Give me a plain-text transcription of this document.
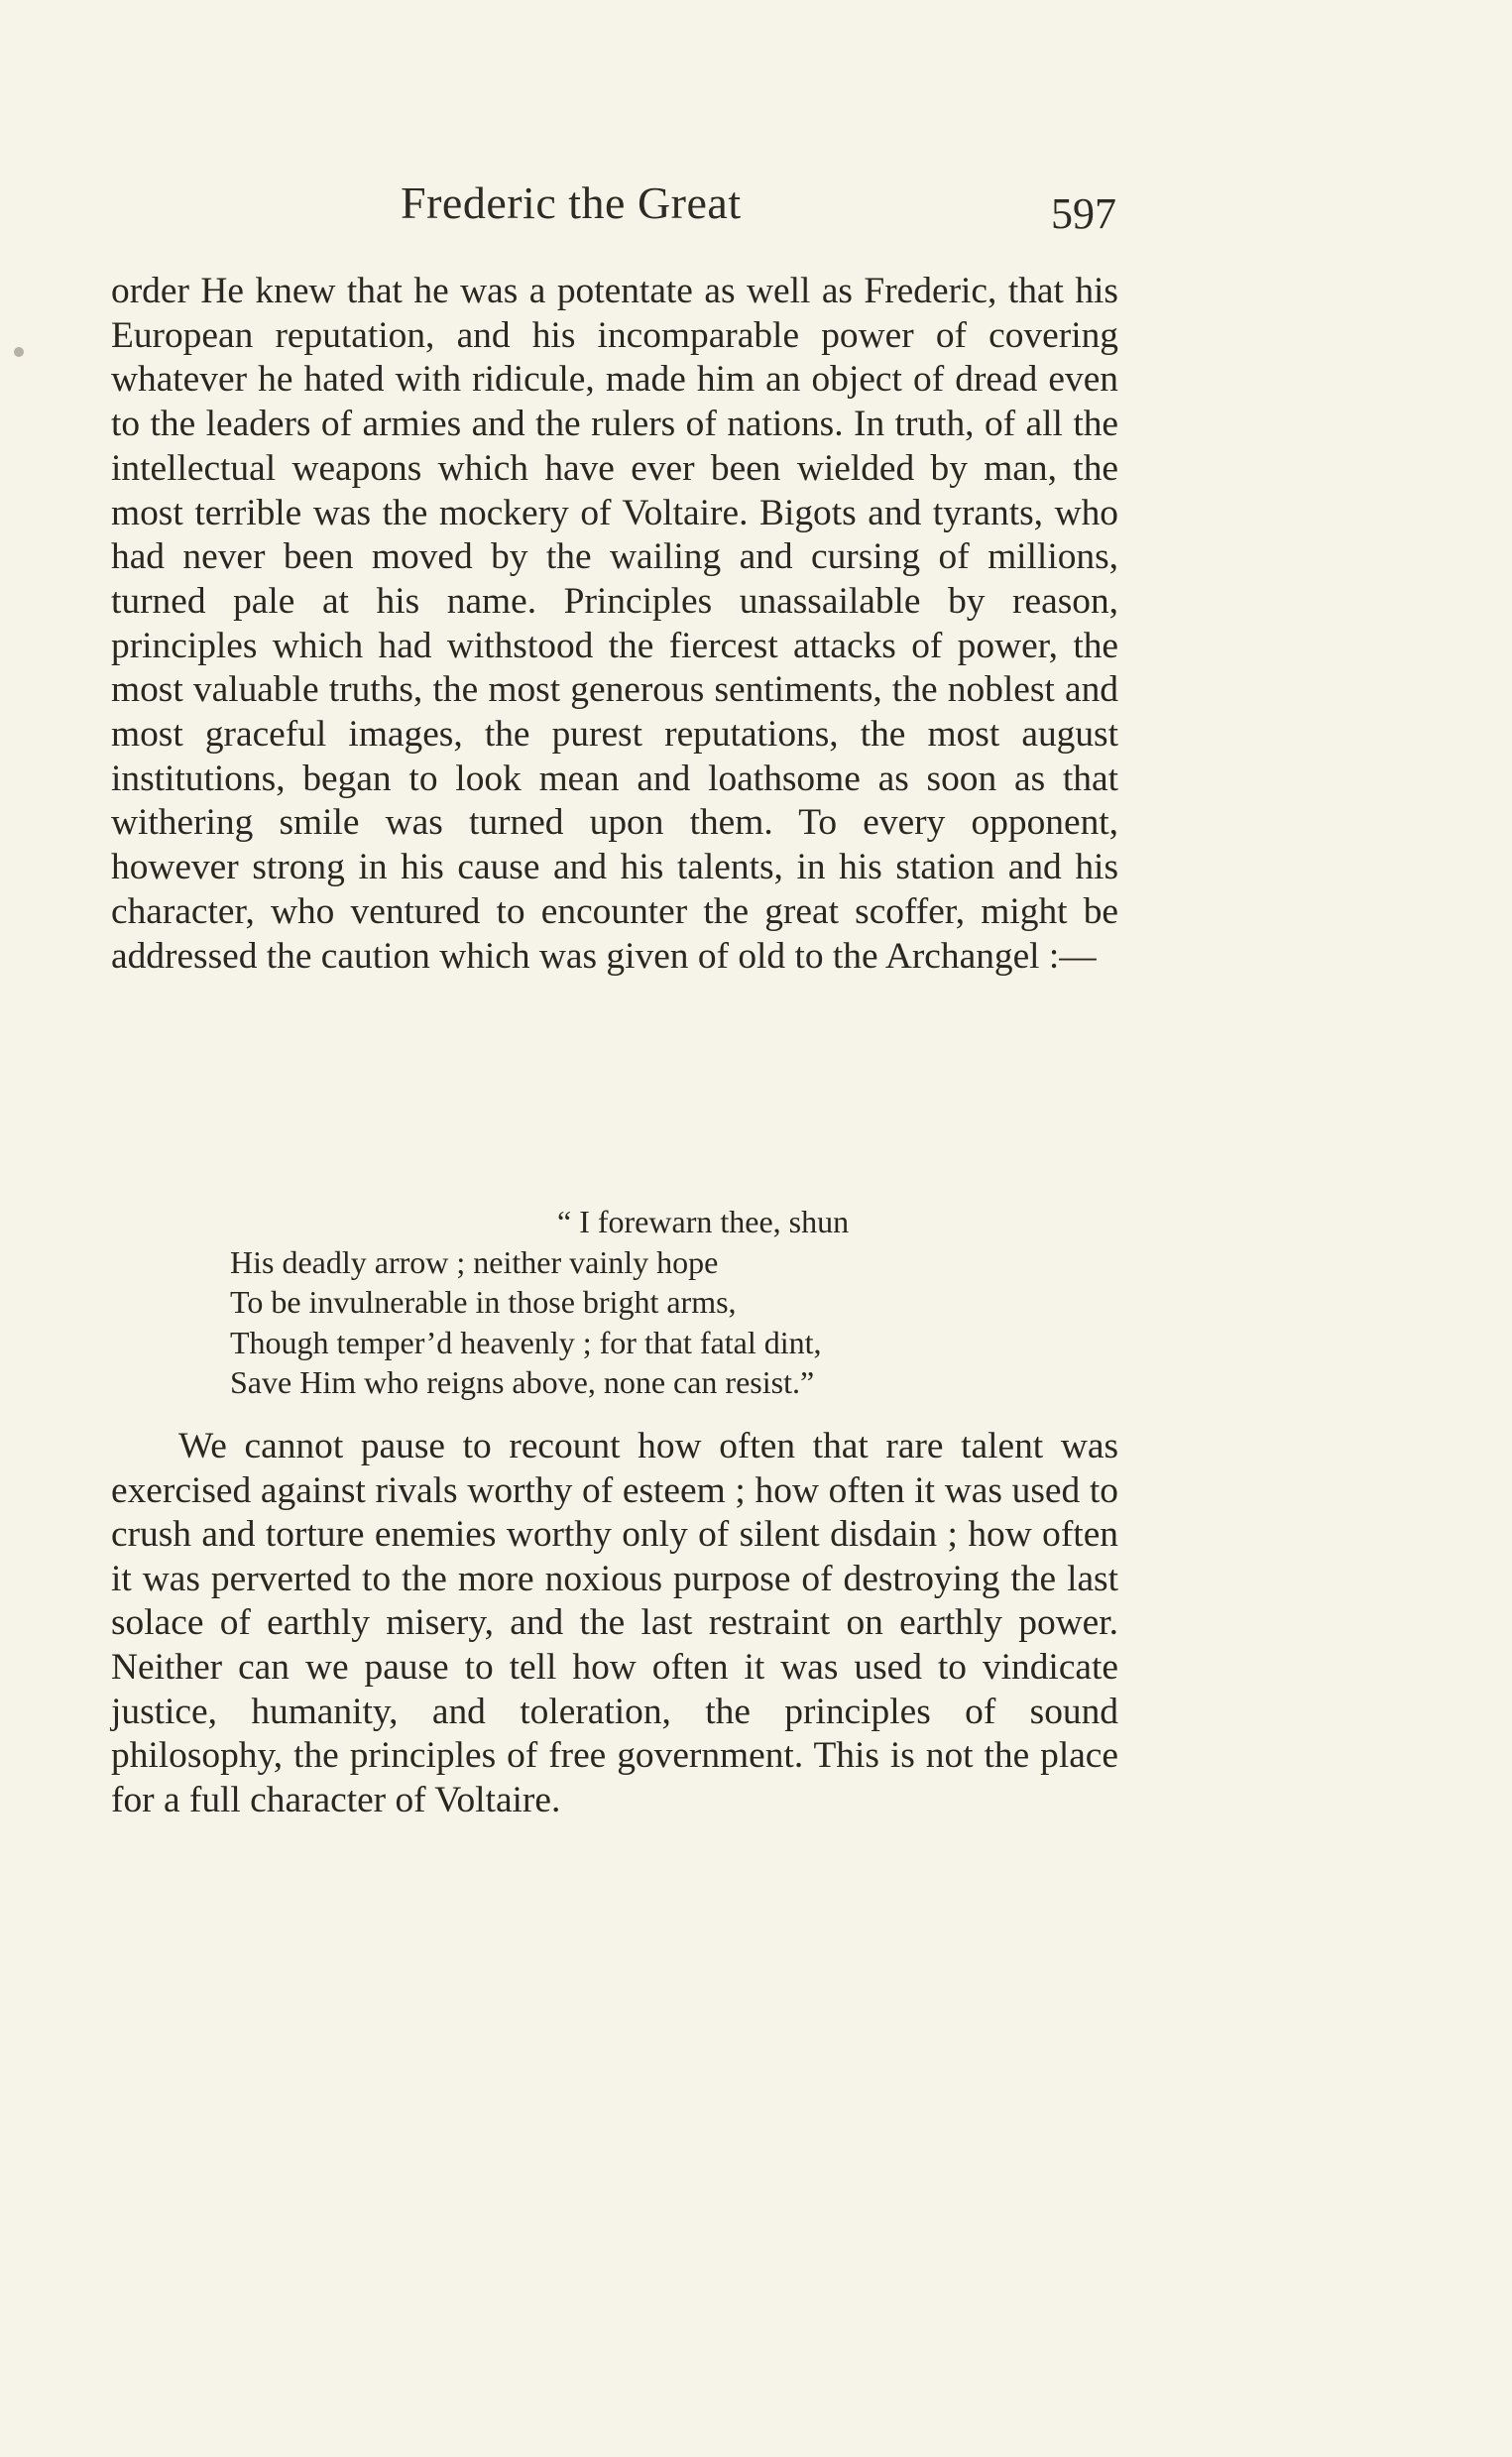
Frederic the Great	597

order He knew that he was a potentate as well as Frederic, that his European reputation, and his incomparable power of covering whatever he hated with ridicule, made him an object of dread even to the leaders of armies and the rulers of nations. In truth, of all the intellectual weapons which have ever been wielded by man, the most terrible was the mockery of Voltaire. Bigots and tyrants, who had never been moved by the wailing and cursing of millions, turned pale at his name. Principles unassailable by reason, principles which had withstood the fiercest attacks of power, the most valuable truths, the most generous sentiments, the noblest and most graceful images, the purest reputations, the most august institutions, began to look mean and loathsome as soon as that withering smile was turned upon them. To every opponent, however strong in his cause and his talents, in his station and his character, who ventured to encounter the great scoffer, might be addressed the caution which was given of old to the Archangel :—

“ I forewarn thee, shun
His deadly arrow ; neither vainly hope
To be invulnerable in those bright arms,
Though temper’d heavenly ; for that fatal dint,
Save Him who reigns above, none can resist.”

We cannot pause to recount how often that rare talent was exercised against rivals worthy of esteem ; how often it was used to crush and torture enemies worthy only of silent disdain ; how often it was perverted to the more noxious purpose of destroying the last solace of earthly misery, and the last restraint on earthly power. Neither can we pause to tell how often it was used to vindicate justice, humanity, and toleration, the principles of sound philosophy, the principles of free government. This is not the place for a full character of Voltaire.
